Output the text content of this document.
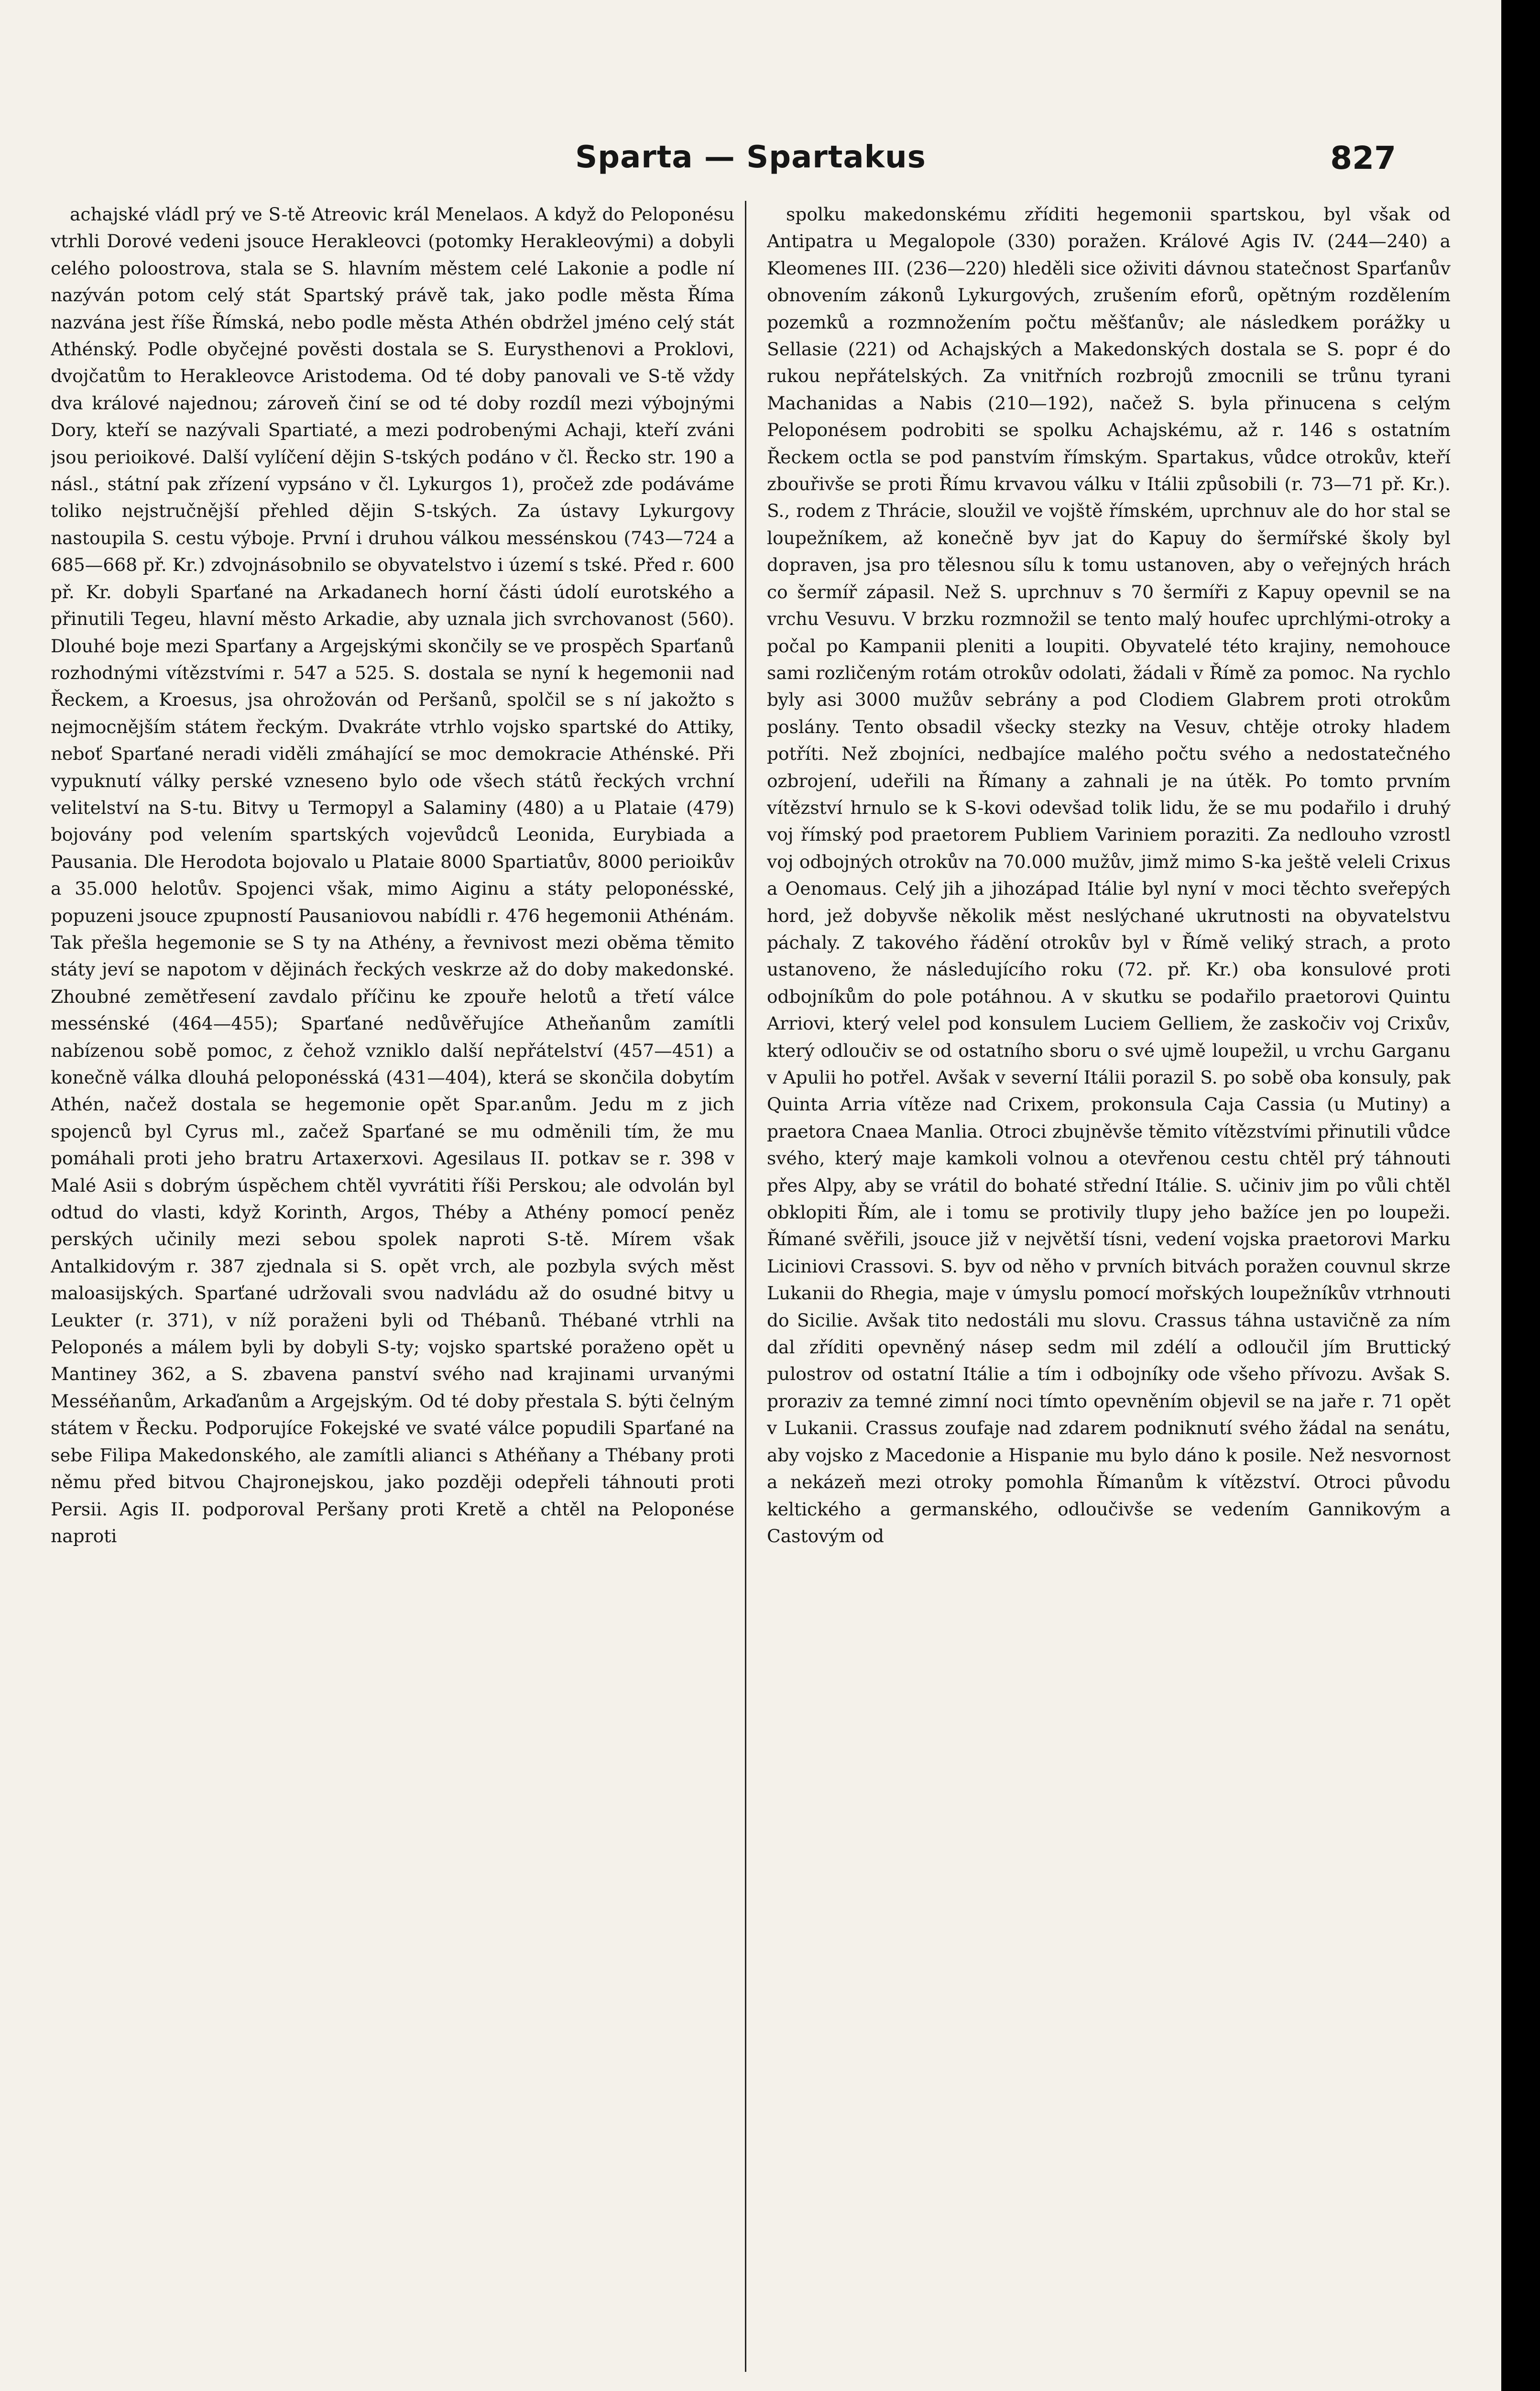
Sparta — Spartakus	827

achajské vládl prý ve S-tě Atreovic král Menelaos. A když do Peloponésu vtrhli Dorové vedeni jsouce Herakleovci (potomky Herakleovými) a dobyli celého poloostrova, stala se S. hlavním městem celé Lakonie a podle ní nazýván potom celý stát Spartský právě tak, jako podle města Říma nazvána jest říše Římská, nebo podle města Athén obdržel jméno celý stát Athénský. Podle obyčejné pověsti dostala se S. Eurysthenovi a Proklovi, dvojčatům to Herakleovce Aristodema. Od té doby panovali ve S-tě vždy dva králové najednou; zároveň činí se od té doby rozdíl mezi výbojnými Dory, kteří se nazývali Spartiaté, a mezi podrobenými Achaji, kteří zváni jsou perioikové. Další vylíčení dějin S-tských podáno v čl. Řecko str. 190 a násl., státní pak zřízení vypsáno v čl. Lykurgos 1), pročež zde podáváme toliko nejstručnější přehled dějin S-tských. Za ústavy Lykurgovy nastoupila S. cestu výboje. První i druhou válkou messénskou (743—724 a 685—668 př. Kr.) zdvojnásobnilo se obyvatelstvo i území s tské. Před r. 600 př. Kr. dobyli Sparťané na Arkadanech horní části údolí eurotského a přinutili Tegeu, hlavní město Arkadie, aby uznala jich svrchovanost (560). Dlouhé boje mezi Sparťany a Argejskými skončily se ve prospěch Sparťanů rozhodnými vítězstvími r. 547 a 525. S. dostala se nyní k hegemonii nad Řeckem, a Kroesus, jsa ohrožován od Peršanů, spolčil se s ní jakožto s nejmocnějším státem řeckým. Dvakráte vtrhlo vojsko spartské do Attiky, neboť Sparťané neradi viděli zmáhající se moc demokracie Athénské. Při vypuknutí války perské vzneseno bylo ode všech států řeckých vrchní velitelství na S-tu. Bitvy u Termopyl a Salaminy (480) a u Plataie (479) bojovány pod velením spartských vojevůdců Leonida, Eurybiada a Pausania. Dle Herodota bojovalo u Plataie 8000 Spartiatův, 8000 perioikův a 35.000 helotův. Spojenci však, mimo Aiginu a státy peloponésské, popuzeni jsouce zpupností Pausaniovou nabídli r. 476 hegemonii Athénám. Tak přešla hegemonie se S ty na Athény, a řevnivost mezi oběma těmito státy jeví se napotom v dějinách řeckých veskrze až do doby makedonské. Zhoubné zemětřesení zavdalo příčinu ke zpouře helotů a třetí válce messénské (464—455); Sparťané nedůvěřujíce Atheňanům zamítli nabízenou sobě pomoc, z čehož vzniklo další nepřátelství (457—451) a konečně válka dlouhá peloponésská (431—404), která se skončila dobytím Athén, načež dostala se hegemonie opět Spar.anům. Jedu m z jich spojenců byl Cyrus ml., začež Sparťané se mu odměnili tím, že mu pomáhali proti jeho bratru Artaxerxovi. Agesilaus II. potkav se r. 398 v Malé Asii s dobrým úspěchem chtěl vyvrátiti říši Perskou; ale odvolán byl odtud do vlasti, když Korinth, Argos, Théby a Athény pomocí peněz perských učinily mezi sebou spolek naproti S-tě. Mírem však Antalkidovým r. 387 zjednala si S. opět vrch, ale pozbyla svých měst maloasijských. Sparťané udržovali svou nadvládu až do osudné bitvy u Leukter (r. 371), v níž poraženi byli od Thébanů. Thébané vtrhli na Peloponés a málem byli by dobyli S-ty; vojsko spartské poraženo opět u Mantiney 362, a S. zbavena panství svého nad krajinami urvanými Messéňanům, Arkaďanům a Argejským. Od té doby přestala S. býti čelným státem v Řecku. Podporujíce Fokejské ve svaté válce popudili Sparťané na sebe Filipa Makedonského, ale zamítli alianci s Athéňany a Thébany proti němu před bitvou Chajronejskou, jako později odepřeli táhnouti proti Persii. Agis II. podporoval Peršany proti Kretě a chtěl na Peloponése naproti

spolku makedonskému zříditi hegemonii spartskou, byl však od Antipatra u Megalopole (330) poražen. Králové Agis IV. (244—240) a Kleomenes III. (236—220) hleděli sice oživiti dávnou statečnost Sparťanův obnovením zákonů Lykurgových, zrušením eforů, opětným rozdělením pozemků a rozmnožením počtu měšťanův; ale následkem porážky u Sellasie (221) od Achajských a Makedonských dostala se S. popr é do rukou nepřátelských. Za vnitřních rozbrojů zmocnili se trůnu tyrani Machanidas a Nabis (210—192), načež S. byla přinucena s celým Peloponésem podrobiti se spolku Achajskému, až r. 146 s ostatním Řeckem octla se pod panstvím římským. Spartakus, vůdce otrokův, kteří zbouřivše se proti Římu krvavou válku v Itálii způsobili (r. 73—71 př. Kr.). S., rodem z Thrácie, sloužil ve vojště římském, uprchnuv ale do hor stal se loupežníkem, až konečně byv jat do Kapuy do šermířské školy byl dopraven, jsa pro tělesnou sílu k tomu ustanoven, aby o veřejných hrách co šermíř zápasil. Než S. uprchnuv s 70 šermíři z Kapuy opevnil se na vrchu Vesuvu. V brzku rozmnožil se tento malý houfec uprchlými-otroky a počal po Kampanii pleniti a loupiti. Obyvatelé této krajiny, nemohouce sami rozličeným rotám otrokův odolati, žádali v Římě za pomoc. Na rychlo byly asi 3000 mužův sebrány a pod Clodiem Glabrem proti otrokům poslány. Tento obsadil všecky stezky na Vesuv, chtěje otroky hladem potříti. Než zbojníci, nedbajíce malého počtu svého a nedostatečného ozbrojení, udeřili na Římany a zahnali je na útěk. Po tomto prvním vítězství hrnulo se k S-kovi odevšad tolik lidu, že se mu podařilo i druhý voj římský pod praetorem Publiem Variniem poraziti. Za nedlouho vzrostl voj odbojných otrokův na 70.000 mužův, jimž mimo S-ka ještě veleli Crixus a Oenomaus. Celý jih a jihozápad Itálie byl nyní v moci těchto sveřepých hord, jež dobyvše několik měst neslýchané ukrutnosti na obyvatelstvu páchaly. Z takového řádění otrokův byl v Římě veliký strach, a proto ustanoveno, že následujícího roku (72. př. Kr.) oba konsulové proti odbojníkům do pole potáhnou. A v skutku se podařilo praetorovi Quintu Arriovi, který velel pod konsulem Luciem Gelliem, že zaskočiv voj Crixův, který odloučiv se od ostatního sboru o své ujmě loupežil, u vrchu Garganu v Apulii ho potřel. Avšak v severní Itálii porazil S. po sobě oba konsuly, pak Quinta Arria vítěze nad Crixem, prokonsula Caja Cassia (u Mutiny) a praetora Cnaea Manlia. Otroci zbujněvše těmito vítězstvími přinutili vůdce svého, který maje kamkoli volnou a otevřenou cestu chtěl prý táhnouti přes Alpy, aby se vrátil do bohaté střední Itálie. S. učiniv jim po vůli chtěl obklopiti Řím, ale i tomu se protivily tlupy jeho bažíce jen po loupeži. Římané svěřili, jsouce již v největší tísni, vedení vojska praetorovi Marku Liciniovi Crassovi. S. byv od něho v prvních bitvách poražen couvnul skrze Lukanii do Rhegia, maje v úmyslu pomocí mořských loupežníkův vtrhnouti do Sicilie. Avšak tito nedostáli mu slovu. Crassus táhna ustavičně za ním dal zříditi opevněný násep sedm mil zdélí a odloučil jím Bruttický pulostrov od ostatní Itálie a tím i odbojníky ode všeho přívozu. Avšak S. proraziv za temné zimní noci tímto opevněním objevil se na jaře r. 71 opět v Lukanii. Crassus zoufaje nad zdarem podniknutí svého žádal na senátu, aby vojsko z Macedonie a Hispanie mu bylo dáno k posile. Než nesvornost a nekázeň mezi otroky pomohla Římanům k vítězství. Otroci původu keltického a germanského, odloučivše se vedením Gannikovým a Castovým od
